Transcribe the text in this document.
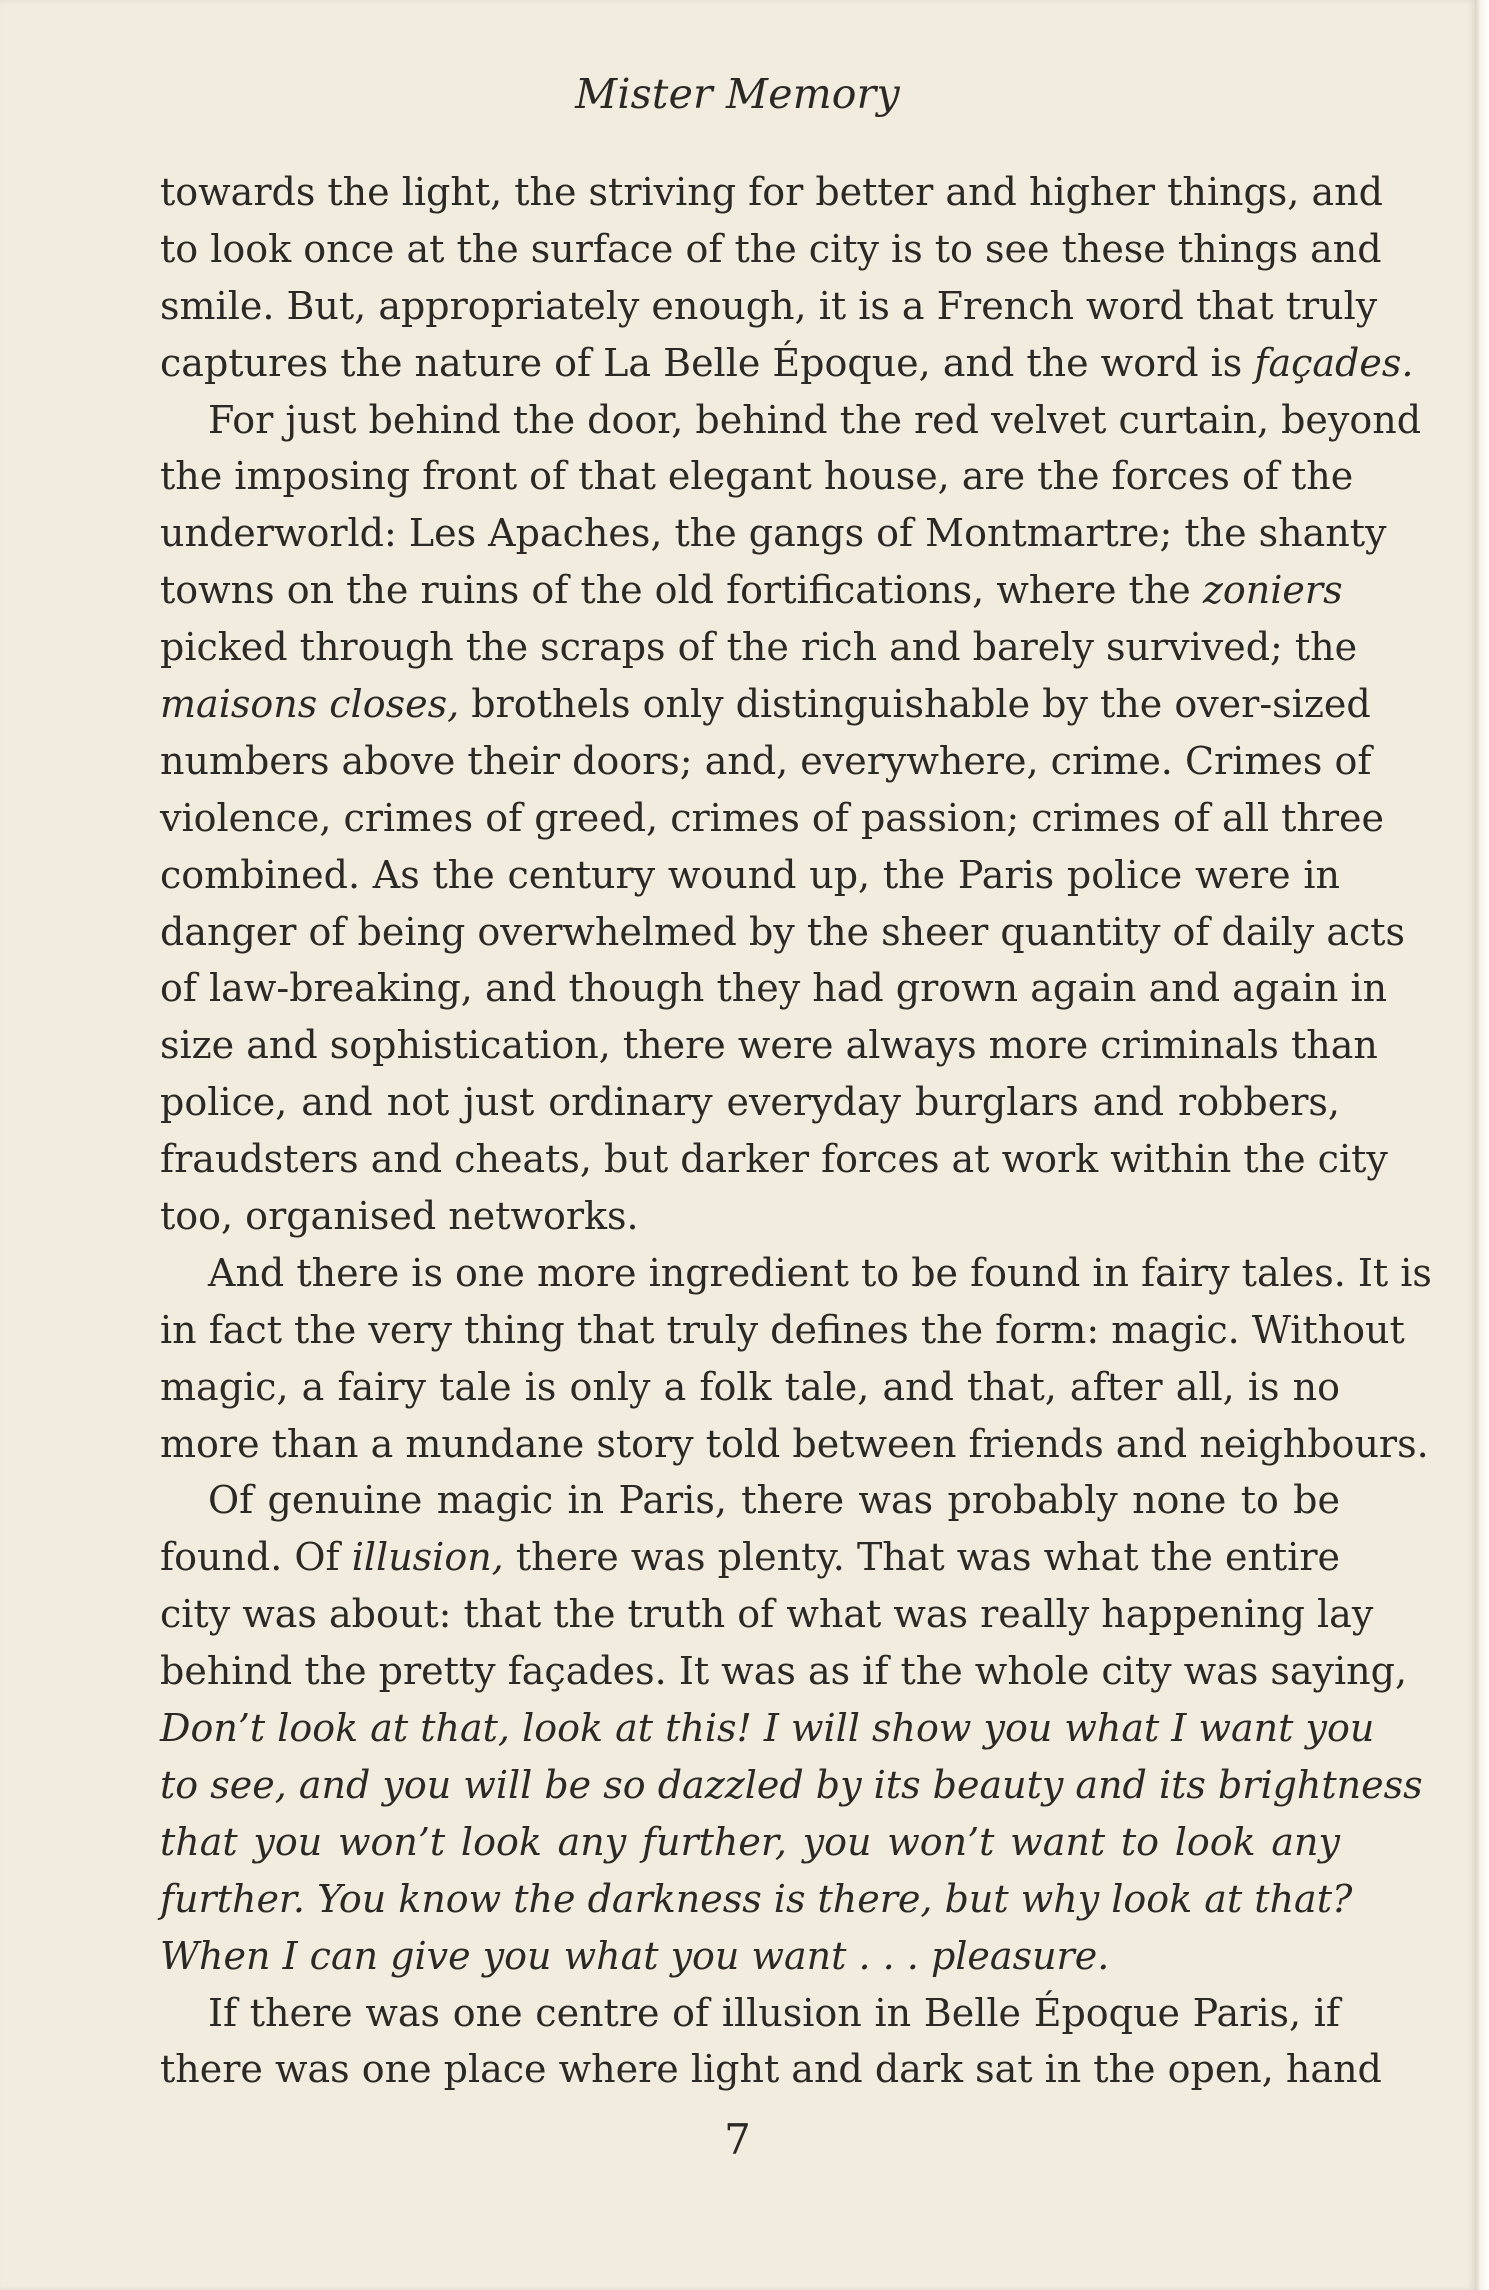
Mister Memory
towards the light, the striving for better and higher things, and
to look once at the surface of the city is to see these things and
smile. But, appropriately enough, it is a French word that truly
captures the nature of La Belle Époque, and the word is façades.
For just behind the door, behind the red velvet curtain, beyond
the imposing front of that elegant house, are the forces of the
underworld: Les Apaches, the gangs of Montmartre; the shanty
towns on the ruins of the old fortifications, where the zoniers
picked through the scraps of the rich and barely survived; the
maisons closes, brothels only distinguishable by the over-sized
numbers above their doors; and, everywhere, crime. Crimes of
violence, crimes of greed, crimes of passion; crimes of all three
combined. As the century wound up, the Paris police were in
danger of being overwhelmed by the sheer quantity of daily acts
of law-breaking, and though they had grown again and again in
size and sophistication, there were always more criminals than
police, and not just ordinary everyday burglars and robbers,
fraudsters and cheats, but darker forces at work within the city
too, organised networks.
And there is one more ingredient to be found in fairy tales. It is
in fact the very thing that truly defines the form: magic. Without
magic, a fairy tale is only a folk tale, and that, after all, is no
more than a mundane story told between friends and neighbours.
Of genuine magic in Paris, there was probably none to be
found. Of illusion, there was plenty. That was what the entire
city was about: that the truth of what was really happening lay
behind the pretty façades. It was as if the whole city was saying,
Don’t look at that, look at this! I will show you what I want you
to see, and you will be so dazzled by its beauty and its brightness
that you won’t look any further, you won’t want to look any
further. You know the darkness is there, but why look at that?
When I can give you what you want . . . pleasure.
If there was one centre of illusion in Belle Époque Paris, if
there was one place where light and dark sat in the open, hand
7
